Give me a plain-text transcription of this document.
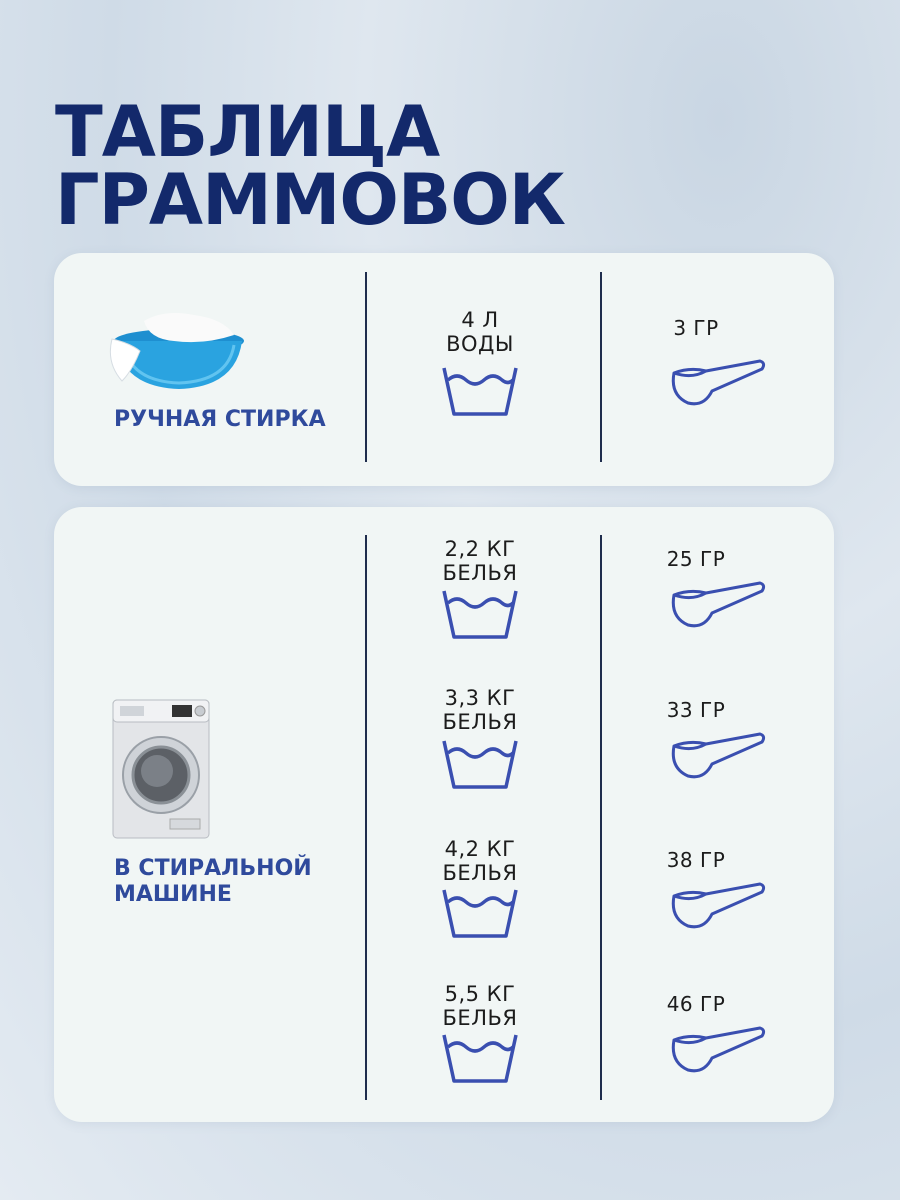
ТАБЛИЦА
ГРАММОВОК
РУЧНАЯ СТИРКА
4 Л
ВОДЫ
3 ГР
В СТИРАЛЬНОЙ
МАШИНЕ
2,2 КГ
БЕЛЬЯ
25 ГР
3,3 КГ
БЕЛЬЯ	33 ГР
4,2 КГ
БЕЛЬЯ
38 ГР
5,5 КГ
БЕЛЬЯ
46 ГР
